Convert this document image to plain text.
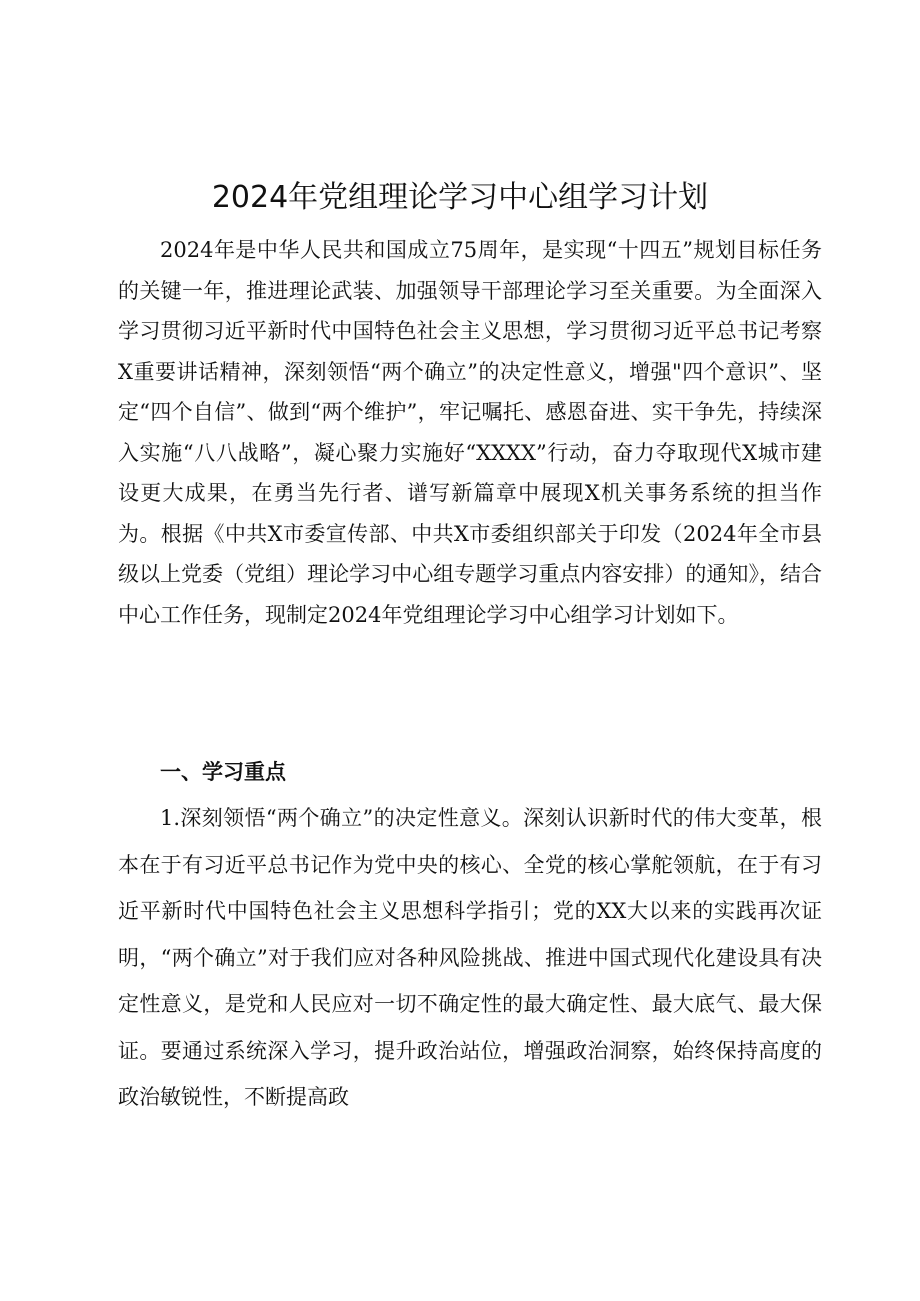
2024年党组理论学习中心组学习计划

2024年是中华人民共和国成立75周年，是实现“十四五”规划目标任务的关键一年，推进理论武装、加强领导干部理论学习至关重要。为全面深入学习贯彻习近平新时代中国特色社会主义思想，学习贯彻习近平总书记考察X重要讲话精神，深刻领悟“两个确立”的决定性意义，增强"四个意识”、坚定“四个自信”、做到“两个维护”，牢记嘱托、感恩奋进、实干争先，持续深入实施“八八战略”，凝心聚力实施好“XXXX”行动，奋力夺取现代X城市建设更大成果，在勇当先行者、谱写新篇章中展现X机关事务系统的担当作为。根据《中共X市委宣传部、中共X市委组织部关于印发（2024年全市县级以上党委（党组）理论学习中心组专题学习重点内容安排）的通知》，结合中心工作任务，现制定2024年党组理论学习中心组学习计划如下。

一、学习重点

1.深刻领悟“两个确立”的决定性意义。深刻认识新时代的伟大变革，根本在于有习近平总书记作为党中央的核心、全党的核心掌舵领航，在于有习近平新时代中国特色社会主义思想科学指引；党的XX大以来的实践再次证明，“两个确立”对于我们应对各种风险挑战、推进中国式现代化建设具有决定性意义，是党和人民应对一切不确定性的最大确定性、最大底气、最大保证。要通过系统深入学习，提升政治站位，增强政治洞察，始终保持高度的政治敏锐性，不断提高政
